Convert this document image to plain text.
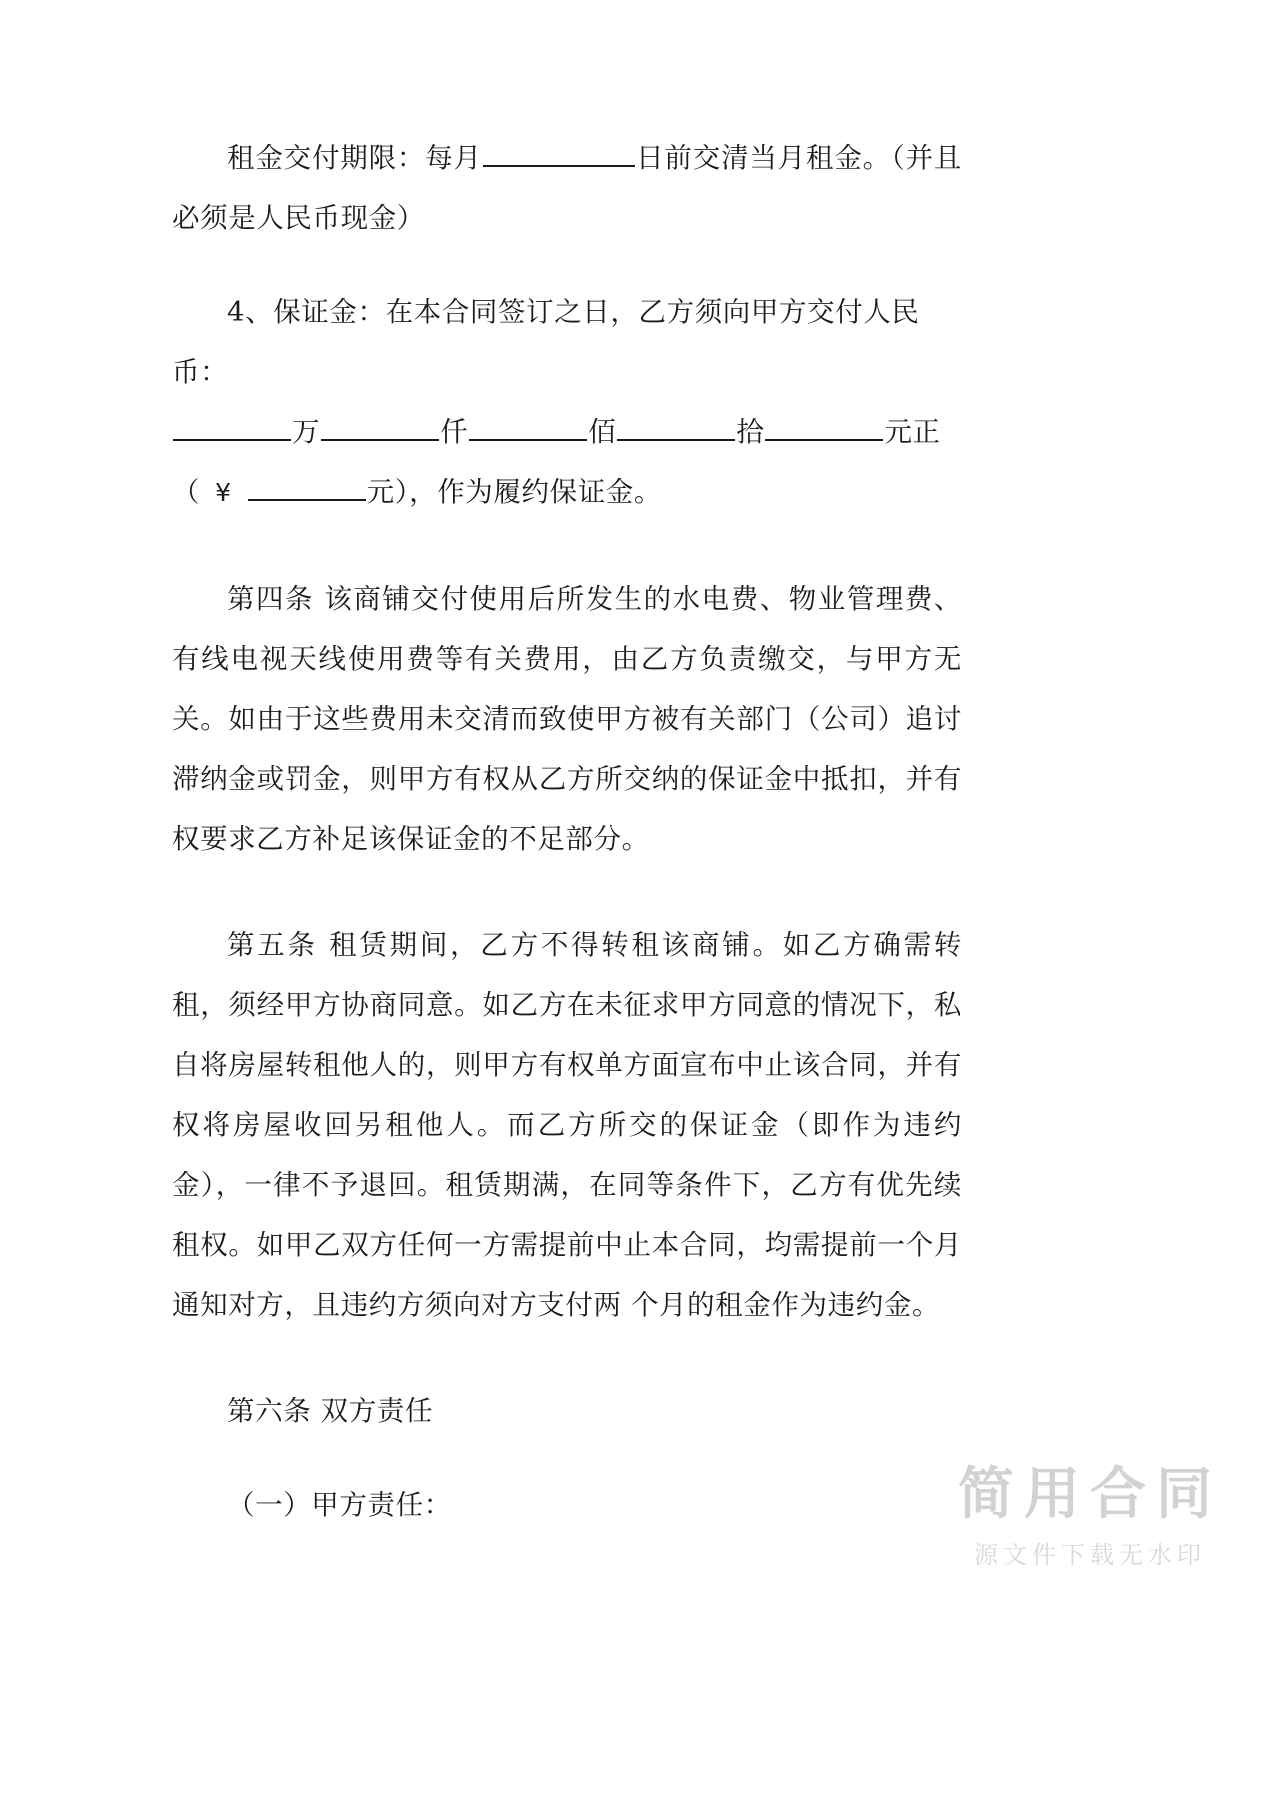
租金交付期限：每月	日前交清当月租金。（并且必须是人民币现金）

4、保证金：在本合同签订之日，乙方须向甲方交付人民币：

万	仟	佰	拾	元正

（ ¥	元），作为履约保证金。

第四条 该商铺交付使用后所发生的水电费、物业管理费、有线电视天线使用费等有关费用，由乙方负责缴交，与甲方无关。如由于这些费用未交清而致使甲方被有关部门（公司）追讨滞纳金或罚金，则甲方有权从乙方所交纳的保证金中抵扣，并有权要求乙方补足该保证金的不足部分。

第五条 租赁期间，乙方不得转租该商铺。如乙方确需转租，须经甲方协商同意。如乙方在未征求甲方同意的情况下，私自将房屋转租他人的，则甲方有权单方面宣布中止该合同，并有权将房屋收回另租他人。而乙方所交的保证金（即作为违约金），一律不予退回。租赁期满，在同等条件下，乙方有优先续租权。如甲乙双方任何一方需提前中止本合同，均需提前一个月通知对方，且违约方须向对方支付两 个月的租金作为违约金。

第六条 双方责任

（一）甲方责任：	简用合同
源文件下载无水印
